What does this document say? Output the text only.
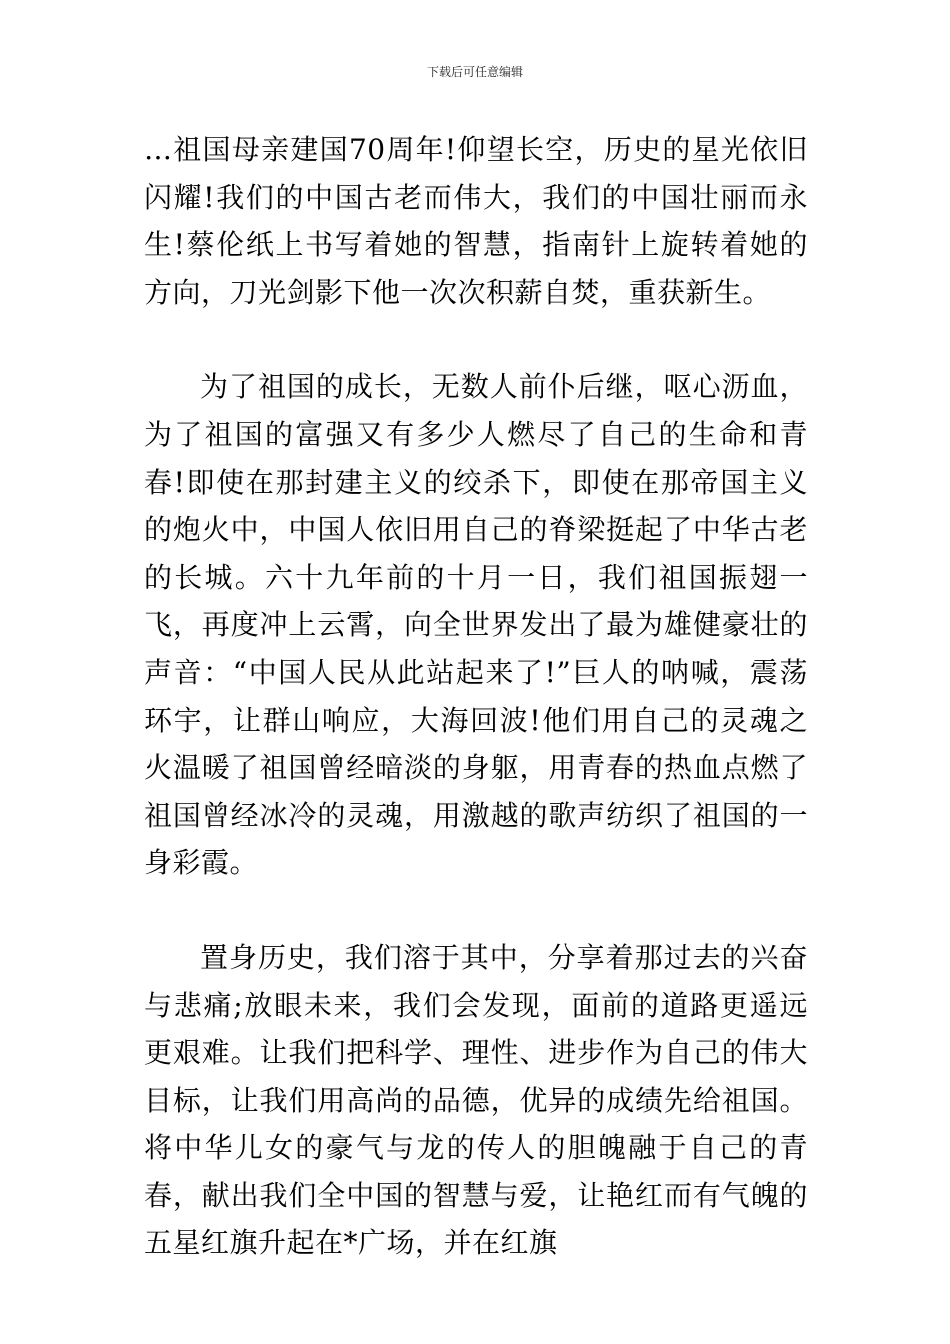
下载后可任意编辑

…祖国母亲建国70周年!仰望长空，历史的星光依旧闪耀!我们的中国古老而伟大，我们的中国壮丽而永生!蔡伦纸上书写着她的智慧，指南针上旋转着她的方向，刀光剑影下他一次次积薪自焚，重获新生。

为了祖国的成长，无数人前仆后继，呕心沥血，为了祖国的富强又有多少人燃尽了自己的生命和青春!即使在那封建主义的绞杀下，即使在那帝国主义的炮火中，中国人依旧用自己的脊梁挺起了中华古老的长城。六十九年前的十月一日，我们祖国振翅一飞，再度冲上云霄，向全世界发出了最为雄健豪壮的声音：“中国人民从此站起来了!”巨人的呐喊，震荡环宇，让群山响应，大海回波!他们用自己的灵魂之火温暖了祖国曾经暗淡的身躯，用青春的热血点燃了祖国曾经冰冷的灵魂，用激越的歌声纺织了祖国的一身彩霞。

置身历史，我们溶于其中，分享着那过去的兴奋与悲痛;放眼未来，我们会发现，面前的道路更遥远更艰难。让我们把科学、理性、进步作为自己的伟大目标，让我们用高尚的品德，优异的成绩先给祖国。将中华儿女的豪气与龙的传人的胆魄融于自己的青春，献出我们全中国的智慧与爱，让艳红而有气魄的五星红旗升起在*广场，并在红旗
